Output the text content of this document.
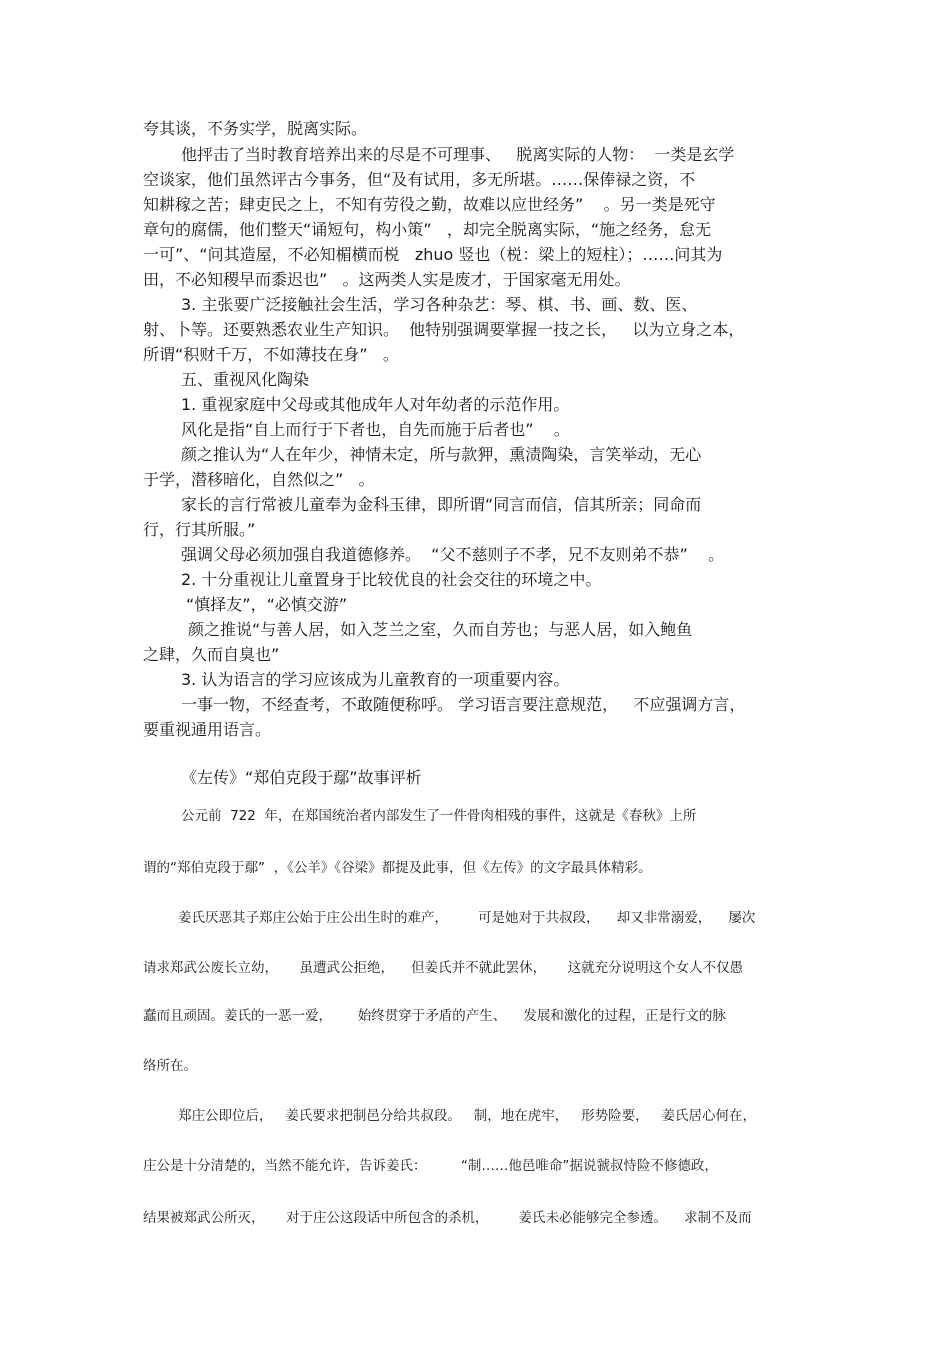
夸其谈，不务实学，脱离实际。
他抨击了当时教育培养出来的尽是不可理事、   脱离实际的人物：  一类是玄学
空谈家，他们虽然评古今事务，但“及有试用，多无所堪。……保俸禄之资，不
知耕稼之苦；肆吏民之上，不知有劳役之勤，故难以应世经务”    。另一类是死守
章句的腐儒，他们整天“诵短句，构小策”   ，却完全脱离实际，“施之经务，怠无
一可”、“问其造屋，不必知楣横而棁   zhuo 竖也（棁：梁上的短柱）；……问其为
田，不必知稷早而黍迟也”   。这两类人实是废才，于国家毫无用处。
3. 主张要广泛接触社会生活，学习各种杂艺：琴、棋、书、画、数、医、
射、卜等。还要熟悉农业生产知识。  他特别强调要掌握一技之长，   以为立身之本，
所谓“积财千万，不如薄技在身”   。
五、重视风化陶染
1. 重视家庭中父母或其他成年人对年幼者的示范作用。
风化是指“自上而行于下者也，自先而施于后者也”    。
颜之推认为“人在年少，神情未定，所与款狎，熏渍陶染，言笑举动，无心
于学，潜移暗化，自然似之”   。
家长的言行常被儿童奉为金科玉律，即所谓“同言而信，信其所亲；同命而
行，行其所服。”
强调父母必须加强自我道德修养。  “父不慈则子不孝，兄不友则弟不恭”    。
2. 十分重视让儿童置身于比较优良的社会交往的环境之中。
“慎择友”，“必慎交游”
颜之推说“与善人居，如入芝兰之室，久而自芳也；与恶人居，如入鲍鱼
之肆，久而自臭也”
3. 认为语言的学习应该成为儿童教育的一项重要内容。
一事一物，不经查考，不敢随便称呼。 学习语言要注意规范，   不应强调方言，
要重视通用语言。
《左传》“郑伯克段于鄢”故事评析
公元前  722  年，在郑国统治者内部发生了一件骨肉相残的事件，这就是《春秋》上所
谓的“郑伯克段于鄢”  ，《公羊》《谷梁》都提及此事，但《左传》的文字最具体精彩。
姜氏厌恶其子郑庄公始于庄公出生时的难产，       可是她对于共叔段，    却又非常溺爱，    屡次
请求郑武公废长立幼，     虽遭武公拒绝，    但姜氏并不就此罢休，     这就充分说明这个女人不仅愚
蠢而且顽固。姜氏的一恶一爱，      始终贯穿于矛盾的产生、    发展和激化的过程，正是行文的脉
络所在。
郑庄公即位后，   姜氏要求把制邑分给共叔段。   制，地在虎牢，   形势险要，   姜氏居心何在，
庄公是十分清楚的，当然不能允许，告诉姜氏：        “制……他邑唯命”据说虢叔恃险不修德政，
结果被郑武公所灭，     对于庄公这段话中所包含的杀机，       姜氏未必能够完全参透。    求制不及而
